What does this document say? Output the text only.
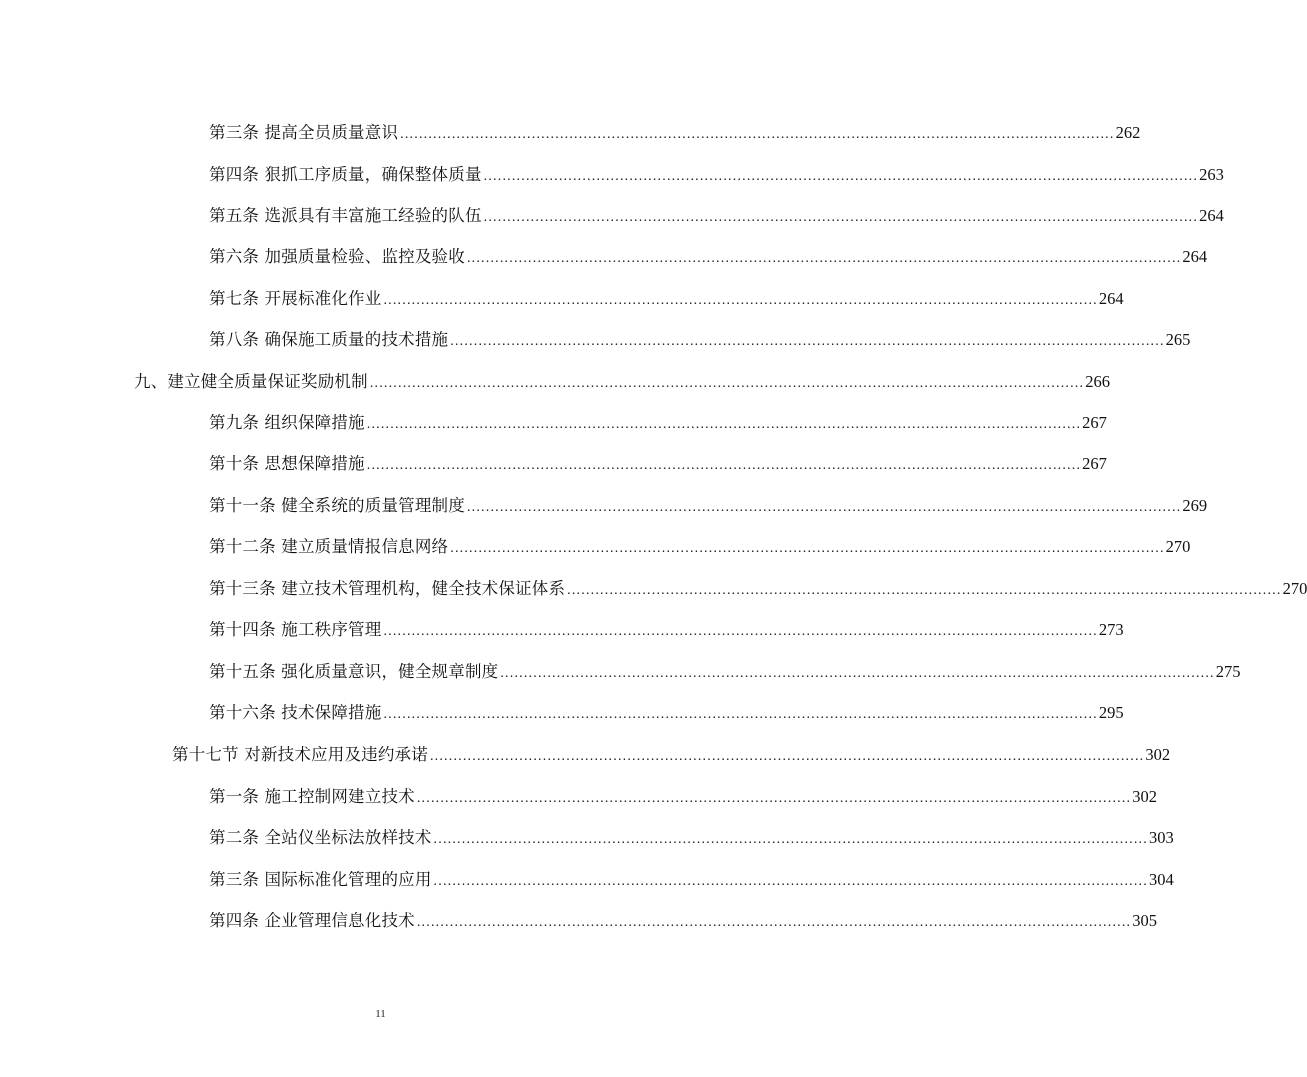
第三条 提高全员质量意识 ........................................................................................................................................................ 262
第四条 狠抓工序质量，确保整体质量 ........................................................................................................................................................ 263
第五条 选派具有丰富施工经验的队伍 ........................................................................................................................................................ 264
第六条 加强质量检验、监控及验收 ........................................................................................................................................................ 264
第七条 开展标准化作业 ........................................................................................................................................................ 264
第八条 确保施工质量的技术措施 ........................................................................................................................................................ 265
九、建立健全质量保证奖励机制 ........................................................................................................................................................ 266
第九条 组织保障措施 ........................................................................................................................................................ 267
第十条 思想保障措施 ........................................................................................................................................................ 267
第十一条 健全系统的质量管理制度 ........................................................................................................................................................ 269
第十二条 建立质量情报信息网络 ........................................................................................................................................................ 270
第十三条 建立技术管理机构，健全技术保证体系 ........................................................................................................................................................ 270
第十四条 施工秩序管理 ........................................................................................................................................................ 273
第十五条 强化质量意识，健全规章制度 ........................................................................................................................................................ 275
第十六条 技术保障措施 ........................................................................................................................................................ 295
第十七节 对新技术应用及违约承诺 ........................................................................................................................................................ 302
第一条 施工控制网建立技术 ........................................................................................................................................................ 302
第二条 全站仪坐标法放样技术 ........................................................................................................................................................ 303
第三条 国际标准化管理的应用 ........................................................................................................................................................ 304
第四条 企业管理信息化技术 ........................................................................................................................................................ 305
11
